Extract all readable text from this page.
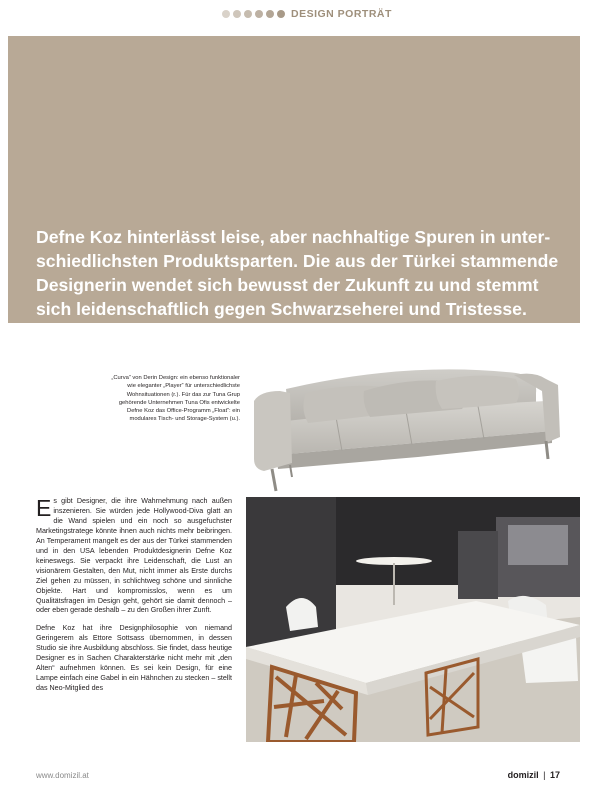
DESIGN PORTRÄT
Defne Koz hinterlässt leise, aber nachhaltige Spuren in unter-schiedlichsten Produktsparten. Die aus der Türkei stammende Designerin wendet sich bewusst der Zukunft zu und stemmt sich leidenschaftlich gegen Schwarzseherei und Tristesse.
Von Anna M. Del Medico
„Curva“ von Derin Design: ein ebenso funktionaler wie eleganter „Player“ für unterschiedlichste Wohnsituationen (r.). Für das zur Tuna Grup gehörende Unternehmen Tuna Ofis entwickelte Defne Koz das Office-Programm „Float“: ein modulares Tisch- und Storage-System (u.).

Es gibt Designer, die ihre Wahrnehmung nach außen inszenieren. Sie würden jede Hollywood-Diva glatt an die Wand spielen und ein noch so ausgefuchster Marketingstratege könnte ihnen auch nichts mehr beibringen. An Temperament mangelt es der aus der Türkei stammenden und in den USA lebenden Produktdesignerin Defne Koz keineswegs. Sie verpackt ihre Leidenschaft, die Lust an visionärem Gestalten, den Mut, nicht immer als Erste durchs Ziel gehen zu müssen, in schlichtweg schöne und sinnliche Objekte. Hart und kompromisslos, wenn es um Qualitätsfragen im Design geht, gehört sie damit dennoch – oder eben gerade deshalb – zu den Großen ihrer Zunft.

Defne Koz hat ihre Designphilosophie von niemand Geringerem als Ettore Sottsass übernommen, in dessen Studio sie ihre Ausbildung abschloss. Sie findet, dass heutige Designer es in Sachen Charakterstärke nicht mehr mit „den Alten“ aufnehmen können. Es sei kein Design, für eine Lampe einfach eine Gabel in ein Hähnchen zu stecken – stellt das Neo-Mitglied des

www.domizil.at	domizil | 17
